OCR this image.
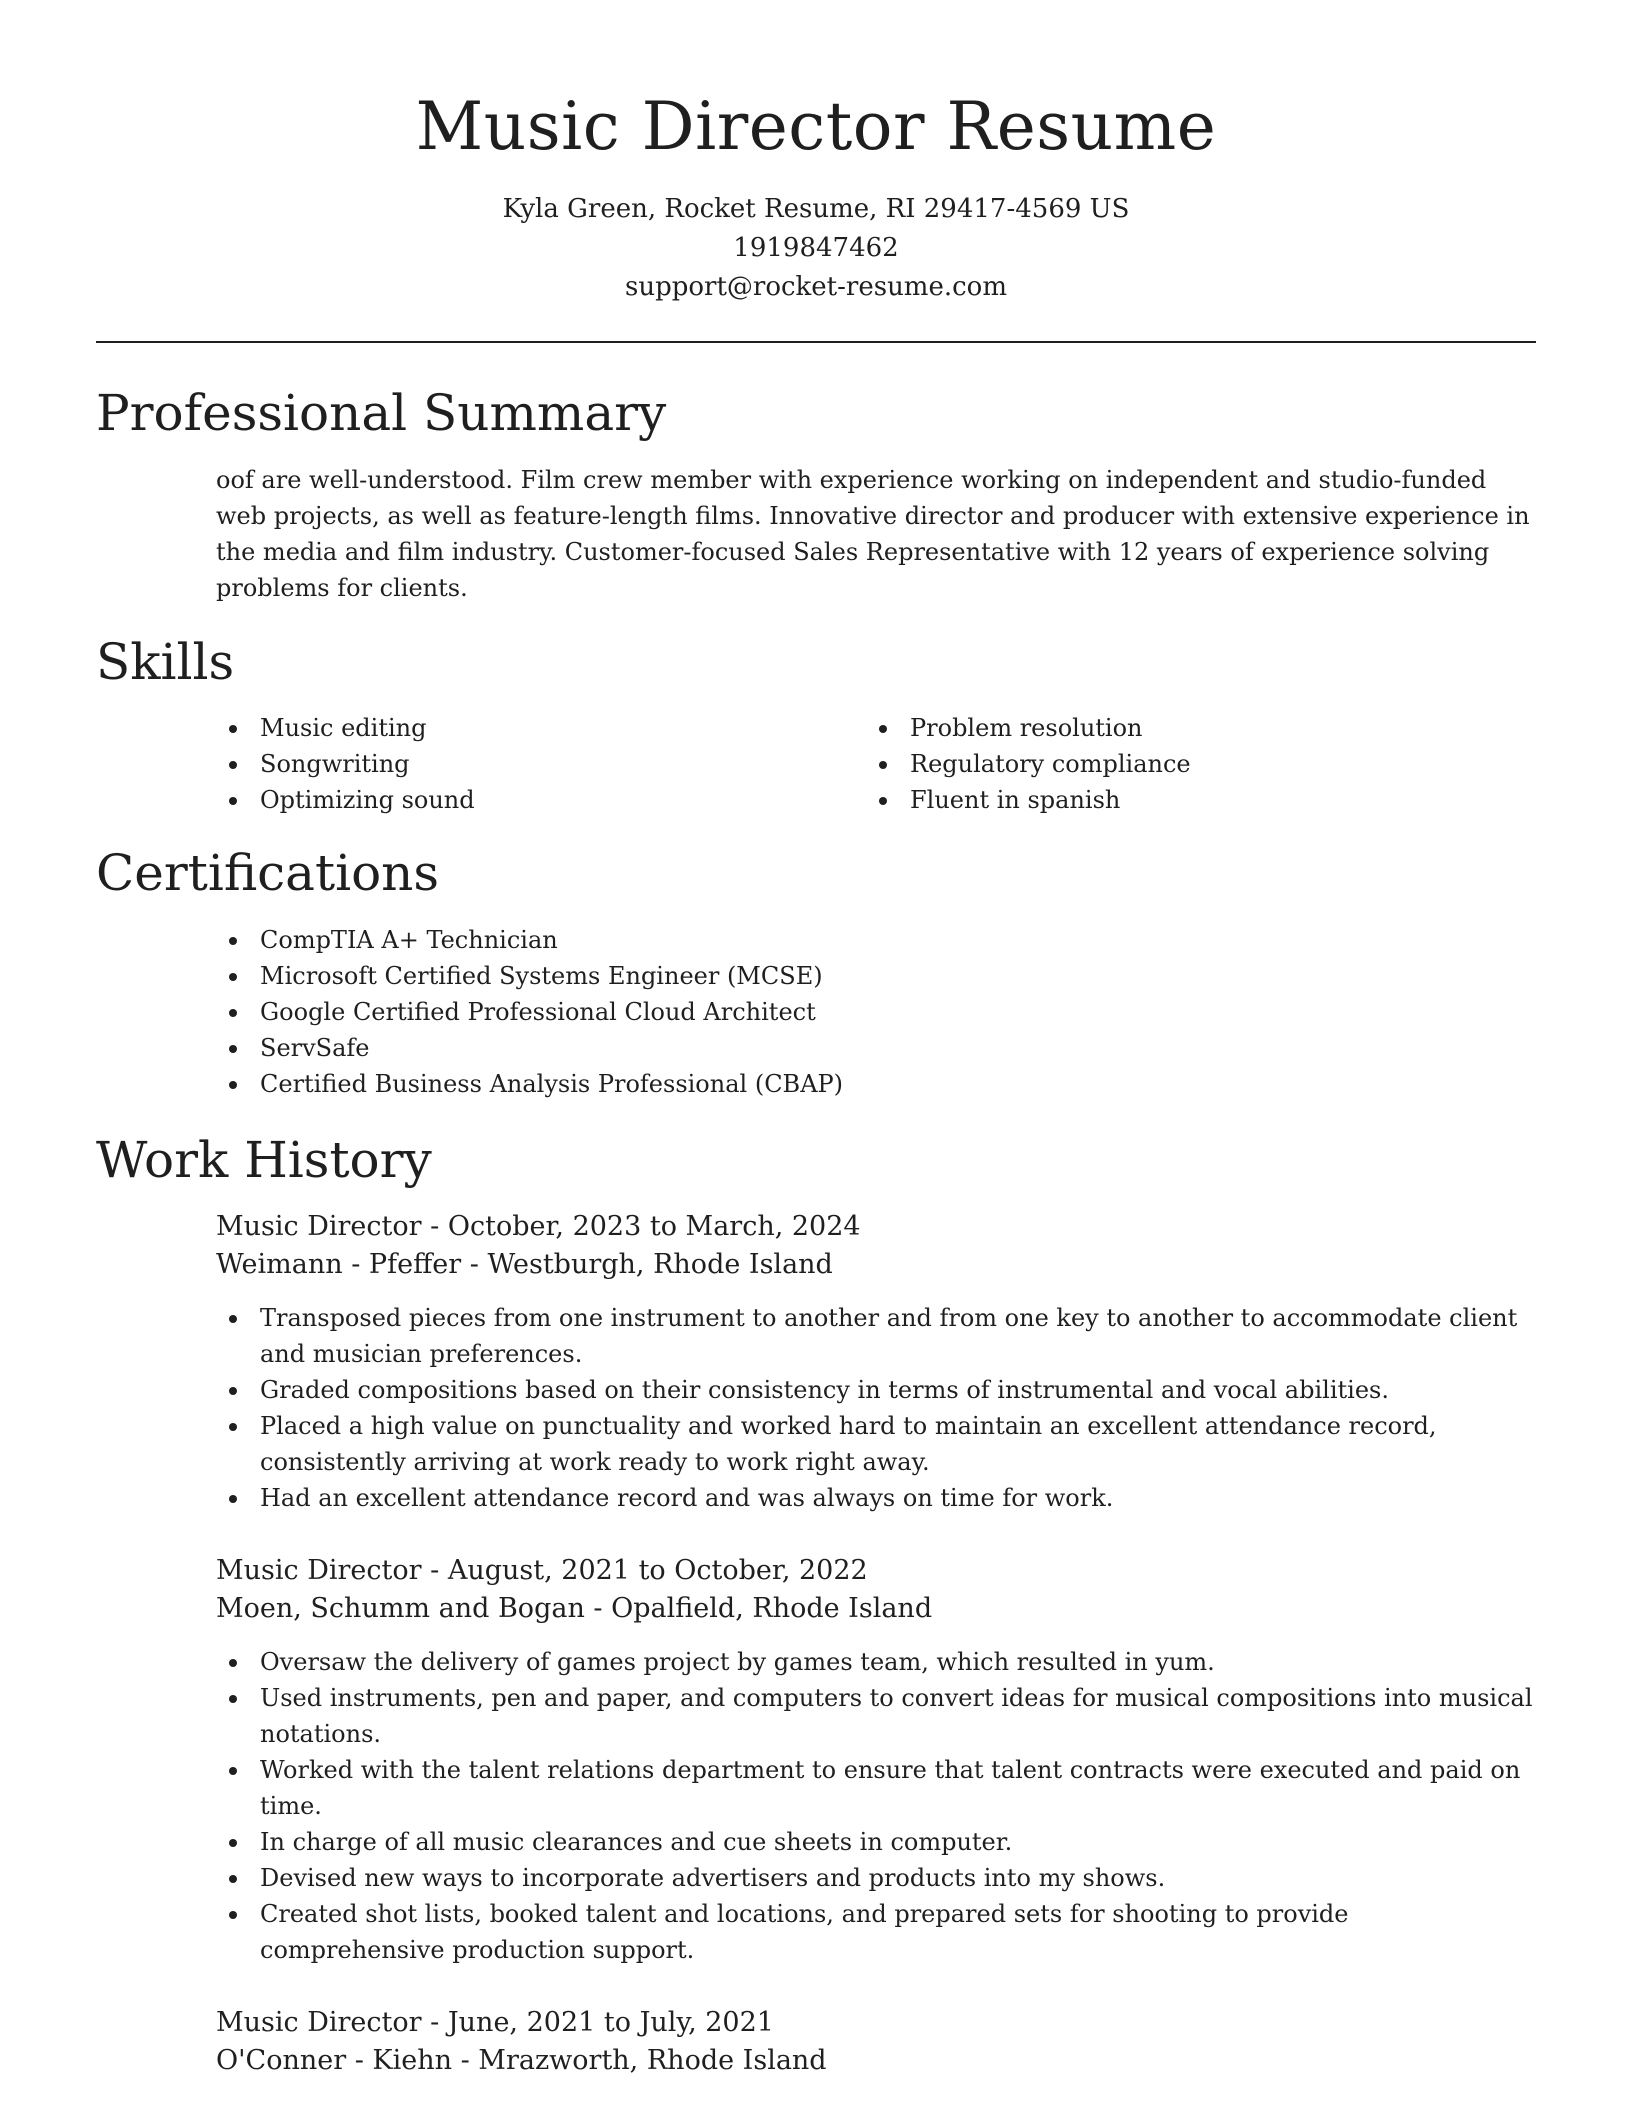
Music Director Resume
Kyla Green, Rocket Resume, RI 29417-4569 US
1919847462
support@rocket-resume.com
Professional Summary

oof are well-understood. Film crew member with experience working on independent and studio-funded web projects, as well as feature-length films. Innovative director and producer with extensive experience in the media and film industry. Customer-focused Sales Representative with 12 years of experience solving problems for clients.

Skills
Music editing
Songwriting
Optimizing sound
Problem resolution
Regulatory compliance
Fluent in spanish
Certifications
CompTIA A+ Technician
Microsoft Certified Systems Engineer (MCSE)
Google Certified Professional Cloud Architect
ServSafe
Certified Business Analysis Professional (CBAP)
Work History
Music Director - October, 2023 to March, 2024
Weimann - Pfeffer - Westburgh, Rhode Island
Transposed pieces from one instrument to another and from one key to another to accommodate client and musician preferences.
Graded compositions based on their consistency in terms of instrumental and vocal abilities.
Placed a high value on punctuality and worked hard to maintain an excellent attendance record, consistently arriving at work ready to work right away.
Had an excellent attendance record and was always on time for work.
Music Director - August, 2021 to October, 2022
Moen, Schumm and Bogan - Opalfield, Rhode Island
Oversaw the delivery of games project by games team, which resulted in yum.
Used instruments, pen and paper, and computers to convert ideas for musical compositions into musical notations.
Worked with the talent relations department to ensure that talent contracts were executed and paid on time.
In charge of all music clearances and cue sheets in computer.
Devised new ways to incorporate advertisers and products into my shows.
Created shot lists, booked talent and locations, and prepared sets for shooting to provide comprehensive production support.
Music Director - June, 2021 to July, 2021
O'Conner - Kiehn - Mrazworth, Rhode Island
